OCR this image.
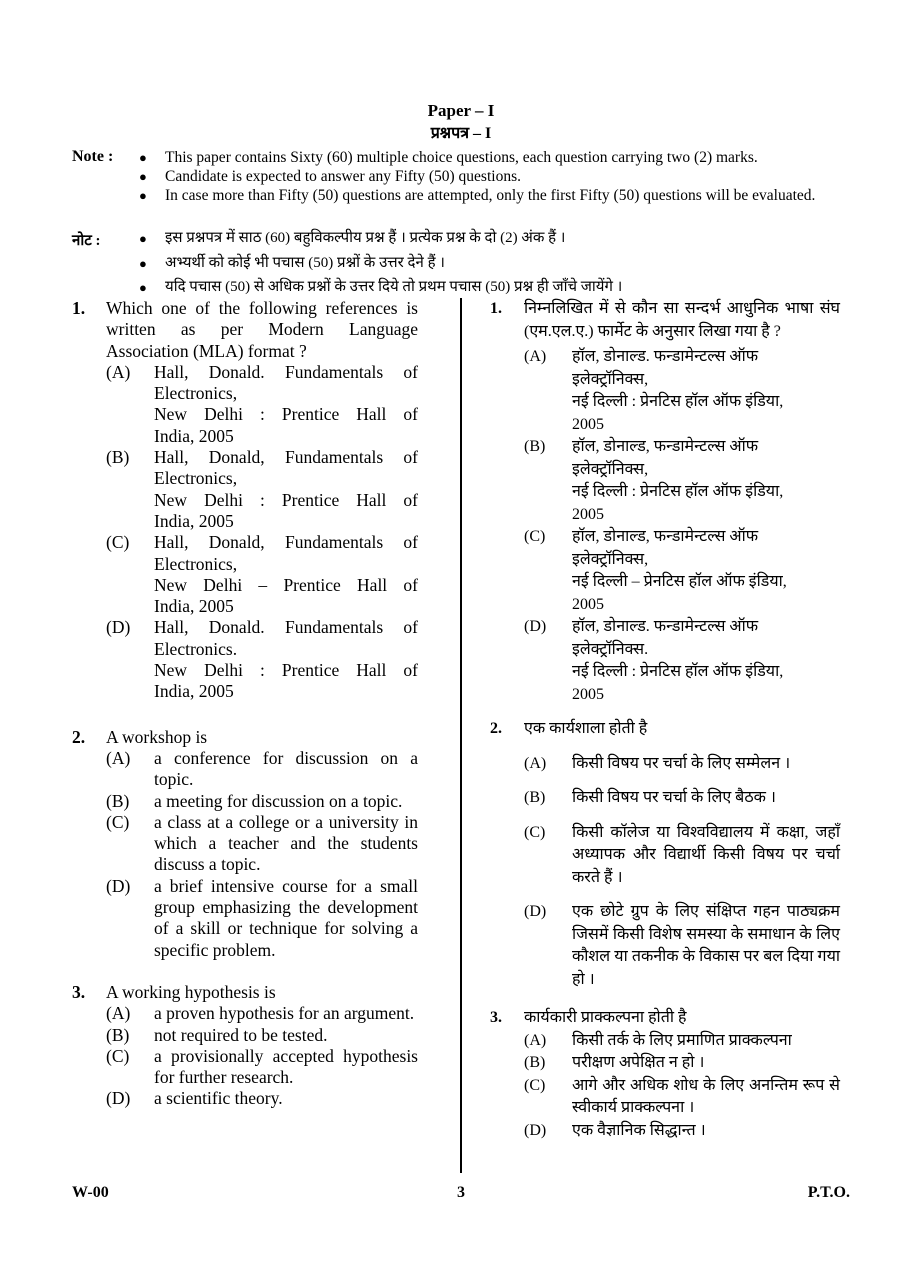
Paper – I
प्रश्नपत्र – I
Note : ● This paper contains Sixty (60) multiple choice questions, each question carrying two (2) marks.
● Candidate is expected to answer any Fifty (50) questions.
● In case more than Fifty (50) questions are attempted, only the first Fifty (50) questions will be evaluated.
नोट :	● इस प्रश्नपत्र में साठ (60) बहुविकल्पीय प्रश्न हैं । प्रत्येक प्रश्न के दो (2) अंक हैं ।
● अभ्यर्थी को कोई भी पचास (50) प्रश्नों के उत्तर देने हैं ।
● यदि पचास (50) से अधिक प्रश्नों के उत्तर दिये तो प्रथम पचास (50) प्रश्न ही जाँचे जायेंगे ।
1. Which one of the following references is written as per Modern Language Association (MLA) format ?
(A) Hall, Donald. Fundamentals of
Electronics,
New Delhi : Prentice Hall of
India, 2005
(B) Hall, Donald, Fundamentals of
Electronics,
New Delhi : Prentice Hall of
India, 2005
(C) Hall, Donald, Fundamentals of
Electronics,
New Delhi – Prentice Hall of
India, 2005
(D) Hall, Donald. Fundamentals of
Electronics.
New Delhi : Prentice Hall of
India, 2005
2. A workshop is
(A) a conference for discussion on a topic.
(B) a meeting for discussion on a topic.
(C) a class at a college or a university in which a teacher and the students discuss a topic.
(D) a brief intensive course for a small group emphasizing the development of a skill or technique for solving a specific problem.
3. A working hypothesis is
(A) a proven hypothesis for an argument.
(B) not required to be tested.
(C) a provisionally accepted hypothesis for further research.
(D) a scientific theory.
1. निम्नलिखित में से कौन सा सन्दर्भ आधुनिक भाषा संघ (एम.एल.ए.) फार्मेट के अनुसार लिखा गया है ?
(A) हॉल, डोनाल्ड. फन्डामेन्टल्स ऑफ
इलेक्ट्रॉनिक्स,
नई दिल्ली : प्रेनटिस हॉल ऑफ इंडिया,
2005
(B) हॉल, डोनाल्ड, फन्डामेन्टल्स ऑफ
इलेक्ट्रॉनिक्स,
नई दिल्ली : प्रेनटिस हॉल ऑफ इंडिया,
2005
(C) हॉल, डोनाल्ड, फन्डामेन्टल्स ऑफ
इलेक्ट्रॉनिक्स,
नई दिल्ली – प्रेनटिस हॉल ऑफ इंडिया,
2005
(D) हॉल, डोनाल्ड. फन्डामेन्टल्स ऑफ
इलेक्ट्रॉनिक्स.
नई दिल्ली : प्रेनटिस हॉल ऑफ इंडिया,
2005
2. एक कार्यशाला होती है
(A) किसी विषय पर चर्चा के लिए सम्मेलन ।
(B) किसी विषय पर चर्चा के लिए बैठक ।
(C) किसी कॉलेज या विश्वविद्यालय में कक्षा, जहाँ अध्यापक और विद्यार्थी किसी विषय पर चर्चा करते हैं ।
(D) एक छोटे ग्रुप के लिए संक्षिप्त गहन पाठ्यक्रम जिसमें किसी विशेष समस्या के समाधान के लिए कौशल या तकनीक के विकास पर बल दिया गया हो ।
3. कार्यकारी प्राक्कल्पना होती है
(A) किसी तर्क के लिए प्रमाणित प्राक्कल्पना
(B) परीक्षण अपेक्षित न हो ।
(C) आगे और अधिक शोध के लिए अनन्तिम रूप से स्वीकार्य प्राक्कल्पना ।
(D) एक वैज्ञानिक सिद्धान्त ।
W-00	3	P.T.O.
